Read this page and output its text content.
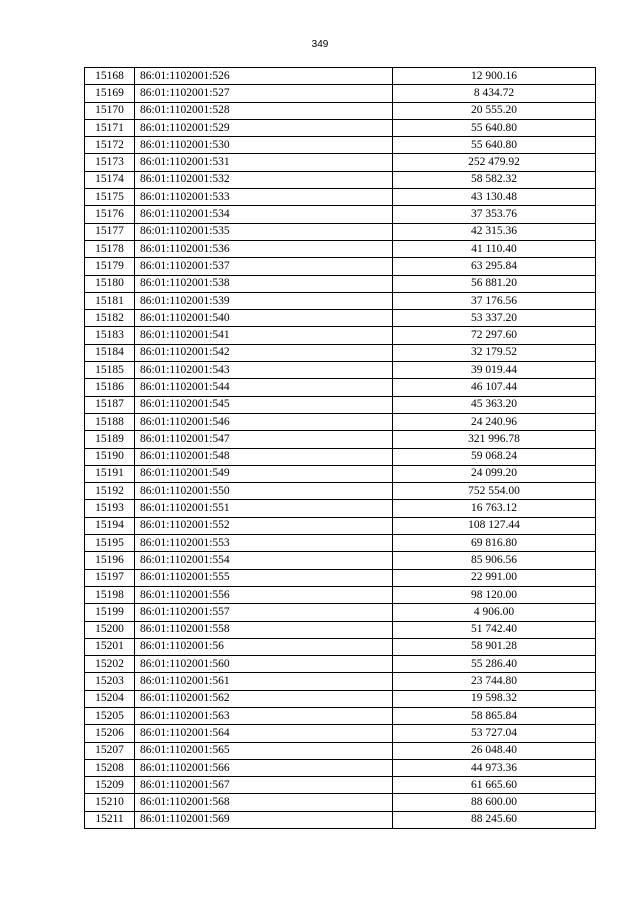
349
15168	86:01:1102001:526	12 900.16
15169	86:01:1102001:527	8 434.72
15170	86:01:1102001:528	20 555.20
15171	86:01:1102001:529	55 640.80
15172	86:01:1102001:530	55 640.80
15173	86:01:1102001:531	252 479.92
15174	86:01:1102001:532	58 582.32
15175	86:01:1102001:533	43 130.48
15176	86:01:1102001:534	37 353.76
15177	86:01:1102001:535	42 315.36
15178	86:01:1102001:536	41 110.40
15179	86:01:1102001:537	63 295.84
15180	86:01:1102001:538	56 881.20
15181	86:01:1102001:539	37 176.56
15182	86:01:1102001:540	53 337.20
15183	86:01:1102001:541	72 297.60
15184	86:01:1102001:542	32 179.52
15185	86:01:1102001:543	39 019.44
15186	86:01:1102001:544	46 107.44
15187	86:01:1102001:545	45 363.20
15188	86:01:1102001:546	24 240.96
15189	86:01:1102001:547	321 996.78
15190	86:01:1102001:548	59 068.24
15191	86:01:1102001:549	24 099.20
15192	86:01:1102001:550	752 554.00
15193	86:01:1102001:551	16 763.12
15194	86:01:1102001:552	108 127.44
15195	86:01:1102001:553	69 816.80
15196	86:01:1102001:554	85 906.56
15197	86:01:1102001:555	22 991.00
15198	86:01:1102001:556	98 120.00
15199	86:01:1102001:557	4 906.00
15200	86:01:1102001:558	51 742.40
15201	86:01:1102001:56	58 901.28
15202	86:01:1102001:560	55 286.40
15203	86:01:1102001:561	23 744.80
15204	86:01:1102001:562	19 598.32
15205	86:01:1102001:563	58 865.84
15206	86:01:1102001:564	53 727.04
15207	86:01:1102001:565	26 048.40
15208	86:01:1102001:566	44 973.36
15209	86:01:1102001:567	61 665.60
15210	86:01:1102001:568	88 600.00
15211	86:01:1102001:569	88 245.60
